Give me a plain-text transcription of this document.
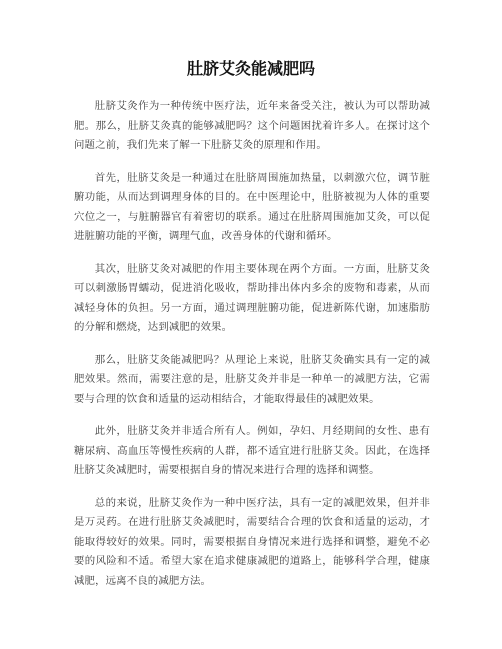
肚脐艾灸能减肥吗

肚脐艾灸作为一种传统中医疗法，近年来备受关注，被认为可以帮助减肥。那么，肚脐艾灸真的能够减肥吗？这个问题困扰着许多人。在探讨这个问题之前，我们先来了解一下肚脐艾灸的原理和作用。

首先，肚脐艾灸是一种通过在肚脐周围施加热量，以刺激穴位，调节脏腑功能，从而达到调理身体的目的。在中医理论中，肚脐被视为人体的重要穴位之一，与脏腑器官有着密切的联系。通过在肚脐周围施加艾灸，可以促进脏腑功能的平衡，调理气血，改善身体的代谢和循环。

其次，肚脐艾灸对减肥的作用主要体现在两个方面。一方面，肚脐艾灸可以刺激肠胃蠕动，促进消化吸收，帮助排出体内多余的废物和毒素，从而减轻身体的负担。另一方面，通过调理脏腑功能，促进新陈代谢，加速脂肪的分解和燃烧，达到减肥的效果。

那么，肚脐艾灸能减肥吗？从理论上来说，肚脐艾灸确实具有一定的减肥效果。然而，需要注意的是，肚脐艾灸并非是一种单一的减肥方法，它需要与合理的饮食和适量的运动相结合，才能取得最佳的减肥效果。

此外，肚脐艾灸并非适合所有人。例如，孕妇、月经期间的女性、患有糖尿病、高血压等慢性疾病的人群，都不适宜进行肚脐艾灸。因此，在选择肚脐艾灸减肥时，需要根据自身的情况来进行合理的选择和调整。

总的来说，肚脐艾灸作为一种中医疗法，具有一定的减肥效果，但并非是万灵药。在进行肚脐艾灸减肥时，需要结合合理的饮食和适量的运动，才能取得较好的效果。同时，需要根据自身情况来进行选择和调整，避免不必要的风险和不适。希望大家在追求健康减肥的道路上，能够科学合理，健康减肥，远离不良的减肥方法。
